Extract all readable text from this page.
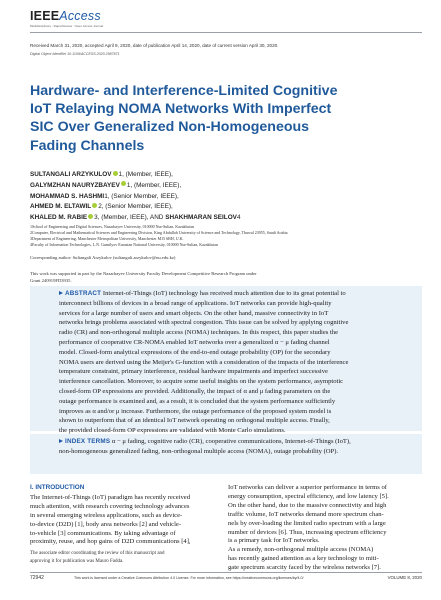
IEEEAccess
Multidisciplinary : Rapid Review : Open Access Journal
Received March 31, 2020, accepted April 9, 2020, date of publication April 14, 2020, date of current version April 30, 2020.
Digital Object Identifier 10.1109/ACCESS.2020.2987871
Hardware- and Interference-Limited Cognitive
IoT Relaying NOMA Networks With Imperfect
SIC Over Generalized Non-Homogeneous
Fading Channels
SULTANGALI ARZYKULOV 1, (Member, IEEE),
GALYMZHAN NAURYZBAYEV 1, (Member, IEEE),
MOHAMMAD S. HASHMI1, (Senior Member, IEEE),
AHMED M. ELTAWIL 2, (Senior Member, IEEE),
KHALED M. RABIE 3, (Member, IEEE), AND SHAKHMARAN SEILOV4
1School of Engineering and Digital Sciences, Nazarbayev University, 010000 Nur-Sultan, Kazakhstan
2Computer, Electrical and Mathematical Sciences and Engineering Division, King Abdullah University of Science and Technology, Thuwal 23955, Saudi Arabia
3Department of Engineering, Manchester Metropolitan University, Manchester M15 6BH, U.K.
4Faculty of Information Technologies, L.N. Gumilyov Eurasian National University, 010000 Nur-Sultan, Kazakhstan
Corresponding author: Sultangali Arzykulov (sultangali.arzykulov@nu.edu.kz)
This work was supported in part by the Nazarbayev University Faculty Development Competitive Research Program under
Grant 240919FD3935.
ABSTRACT Internet-of-Things (IoT) technology has received much attention due to its great potential to
interconnect billions of devices in a broad range of applications. IoT networks can provide high-quality
services for a large number of users and smart objects. On the other hand, massive connectivity in IoT
networks brings problems associated with spectral congestion. This issue can be solved by applying cognitive
radio (CR) and non-orthogonal multiple access (NOMA) techniques. In this respect, this paper studies the
performance of cooperative CR-NOMA enabled IoT networks over a generalized α − μ fading channel
model. Closed-form analytical expressions of the end-to-end outage probability (OP) for the secondary
NOMA users are derived using the Meijer's G-function with a consideration of the impacts of the interference
temperature constraint, primary interference, residual hardware impairments and imperfect successive
interference cancellation. Moreover, to acquire some useful insights on the system performance, asymptotic
closed-form OP expressions are provided. Additionally, the impact of α and μ fading parameters on the
outage performance is examined and, as a result, it is concluded that the system performance sufficiently
improves as α and/or μ increase. Furthermore, the outage performance of the proposed system model is
shown to outperform that of an identical IoT network operating on orthogonal multiple access. Finally,
the provided closed-form OP expressions are validated with Monte Carlo simulations.
INDEX TERMS α − μ fading, cognitive radio (CR), cooperative communications, Internet-of-Things (IoT),
non-homogeneous generalized fading, non-orthogonal multiple access (NOMA), outage probability (OP).
I. INTRODUCTION
The Internet-of-Things (IoT) paradigm has recently received
much attention, with research covering technology advances
in several emerging wireless applications, such as device-
to-device (D2D) [1], body area networks [2] and vehicle-
to-vehicle [3] communications. By taking advantage of
proximity, reuse, and hop gains of D2D communications [4],
The associate editor coordinating the review of this manuscript and
approving it for publication was Mauro Fadda.
IoT networks can deliver a superior performance in terms of
energy consumption, spectral efficiency, and low latency [5].
On the other hand, due to the massive connectivity and high
traffic volume, IoT networks demand more spectrum chan-
nels by over-loading the limited radio spectrum with a large
number of devices [6]. Thus, increasing spectrum efficiency
is a primary task for IoT networks.
As a remedy, non-orthogonal multiple access (NOMA)
has recently gained attention as a key technology to miti-
gate spectrum scarcity faced by the wireless networks [7].
72942	This work is licensed under a Creative Commons Attribution 4.0 License. For more information, see https://creativecommons.org/licenses/by/4.0/	VOLUME 8, 2020
